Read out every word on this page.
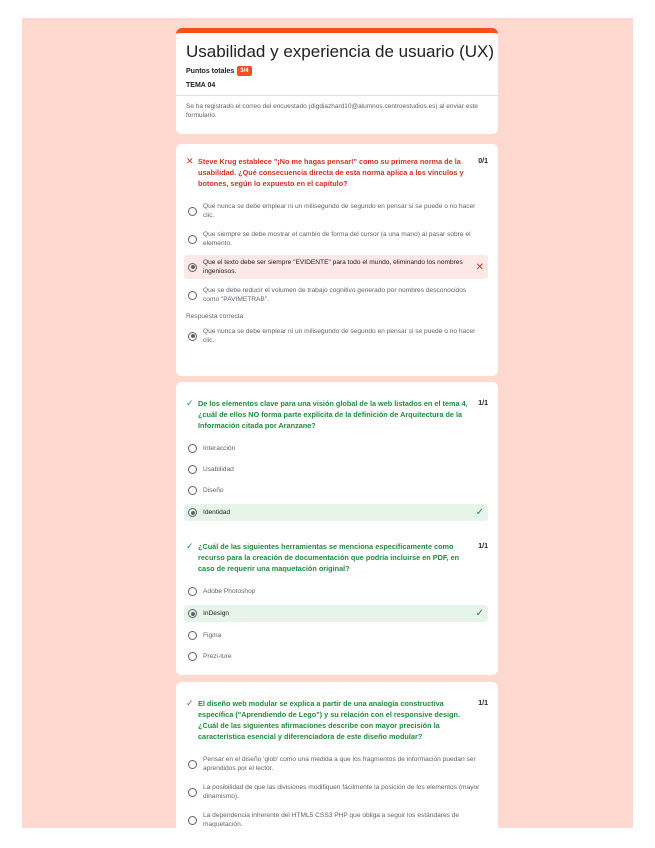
Usabilidad y experiencia de usuario (UX)
Puntos totales	3/4
TEMA 04
Se ha registrado el correo del encuestado (digdiazhard10@alumnos.centroestudios.es) al enviar este formulario.
✕ Steve Krug establece "¡No me hagas pensar!" como su primera norma de la usabilidad. ¿Qué consecuencia directa de esta norma aplica a los vínculos y botones, según lo expuesto en el capítulo?
0/1
Que nunca se debe emplear ni un milisegundo de segundo en pensar si se puede o no hacer clic.
Que siempre se debe mostrar el cambio de forma del cursor (a una mano) al pasar sobre el elemento.
Que el texto debe ser siempre "EVIDENTE" para todo el mundo, eliminando los nombres ingeniosos.	✕
Que se debe reducir el volumen de trabajo cognitivo generado por nombres desconocidos como "PAVIMETRAB".
Respuesta correcta
Que nunca se debe emplear ni un milisegundo de segundo en pensar si se puede o no hacer clic.
✓ De los elementos clave para una visión global de la web listados en el tema 4, ¿cuál de ellos NO forma parte explícita de la definición de Arquitectura de la Información citada por Aranzane?
1/1
Interacción
Usabilidad
Diseño
Identidad	✓
✓ ¿Cuál de las siguientes herramientas se menciona específicamente como recurso para la creación de documentación que podría incluirse en PDF, en caso de requerir una maquetación original?
1/1
Adobe Photoshop
InDesign	✓
Figma
Prezi-ture
✓ El diseño web modular se explica a partir de una analogía constructiva específica ("Aprendiendo de Lego") y su relación con el responsive design. ¿Cuál de las siguientes afirmaciones describe con mayor precisión la característica esencial y diferenciadora de este diseño modular?
1/1
Pensar en el diseño 'glob' como una medida a que los fragmentos de información puedan ser aprendidos por el lector.
La posibilidad de que las divisiones modifiquen fácilmente la posición de los elementos (mayor dinamismo).
La dependencia inherente del HTML5 CSS3 PHP que obliga a seguir los estándares de maquetación.
